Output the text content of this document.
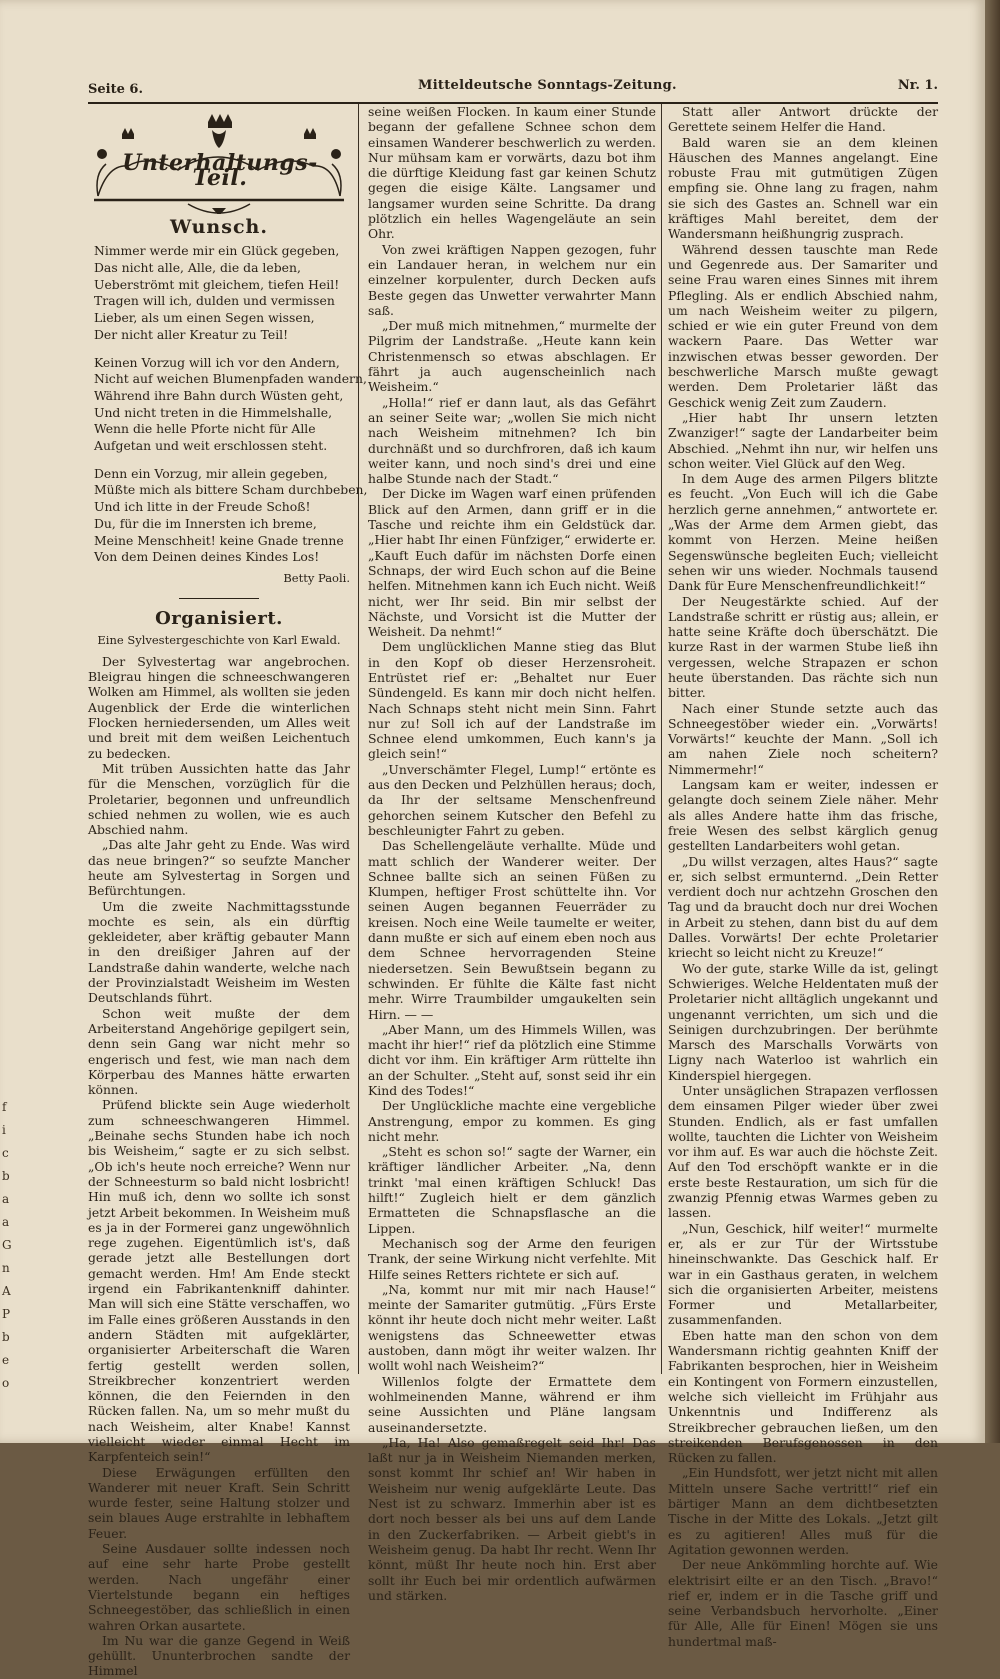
Seite 6.	Mitteldeutsche Sonntags-Zeitung.	Nr. 1.
Unterhaltungs-Teil.
Wunsch.
Nimmer werde mir ein Glück gegeben,
Das nicht alle, Alle, die da leben,
Ueberströmt mit gleichem, tiefen Heil!
Tragen will ich, dulden und vermissen
Lieber, als um einen Segen wissen,
Der nicht aller Kreatur zu Teil!
Keinen Vorzug will ich vor den Andern,
Nicht auf weichen Blumenpfaden wandern,
Während ihre Bahn durch Wüsten geht,
Und nicht treten in die Himmelshalle,
Wenn die helle Pforte nicht für Alle
Aufgetan und weit erschlossen steht.
Denn ein Vorzug, mir allein gegeben,
Müßte mich als bittere Scham durchbeben,
Und ich litte in der Freude Schoß!
Du, für die im Innersten ich breme,
Meine Menschheit! keine Gnade trenne
Von dem Deinen deines Kindes Los!
Betty Paoli.
Organisiert.
Eine Sylvestergeschichte von Karl Ewald.

Der Sylvestertag war angebrochen. Bleigrau hingen die schneeschwangeren Wolken am Himmel, als wollten sie jeden Augenblick der Erde die winterlichen Flocken herniedersenden, um Alles weit und breit mit dem weißen Leichentuch zu bedecken.

Mit trüben Aussichten hatte das Jahr für die Menschen, vorzüglich für die Proletarier, begonnen und unfreundlich schied nehmen zu wollen, wie es auch Abschied nahm.

„Das alte Jahr geht zu Ende. Was wird das neue bringen?“ so seufzte Mancher heute am Sylvestertag in Sorgen und Befürchtungen.

Um die zweite Nachmittagsstunde mochte es sein, als ein dürftig gekleideter, aber kräftig gebauter Mann in den dreißiger Jahren auf der Landstraße dahin wanderte, welche nach der Provinzialstadt Weisheim im Westen Deutschlands führt.

Schon weit mußte der dem Arbeiterstand Angehörige gepilgert sein, denn sein Gang war nicht mehr so engerisch und fest, wie man nach dem Körperbau des Mannes hätte erwarten können.

Prüfend blickte sein Auge wiederholt zum schneeschwangeren Himmel. „Beinahe sechs Stunden habe ich noch bis Weisheim,“ sagte er zu sich selbst. „Ob ich's heute noch erreiche? Wenn nur der Schneesturm so bald nicht losbricht! Hin muß ich, denn wo sollte ich sonst jetzt Arbeit bekommen. In Weisheim muß es ja in der Formerei ganz ungewöhnlich rege zugehen. Eigentümlich ist's, daß gerade jetzt alle Bestellungen dort gemacht werden. Hm! Am Ende steckt irgend ein Fabrikantenkniff dahinter. Man will sich eine Stätte verschaffen, wo im Falle eines größeren Ausstands in den andern Städten mit aufgeklärter, organisierter Arbeiterschaft die Waren fertig gestellt werden sollen, Streikbrecher konzentriert werden können, die den Feiernden in den Rücken fallen. Na, um so mehr mußt du nach Weisheim, alter Knabe! Kannst vielleicht wieder einmal Hecht im Karpfenteich sein!“

Diese Erwägungen erfüllten den Wanderer mit neuer Kraft. Sein Schritt wurde fester, seine Haltung stolzer und sein blaues Auge erstrahlte in lebhaftem Feuer.

Seine Ausdauer sollte indessen noch auf eine sehr harte Probe gestellt werden. Nach ungefähr einer Viertelstunde begann ein heftiges Schneegestöber, das schließlich in einen wahren Orkan ausartete.

Im Nu war die ganze Gegend in Weiß gehüllt. Ununterbrochen sandte der Himmel

seine weißen Flocken. In kaum einer Stunde begann der gefallene Schnee schon dem einsamen Wanderer beschwerlich zu werden. Nur mühsam kam er vorwärts, dazu bot ihm die dürftige Kleidung fast gar keinen Schutz gegen die eisige Kälte. Langsamer und langsamer wurden seine Schritte. Da drang plötzlich ein helles Wagengeläute an sein Ohr.

Von zwei kräftigen Nappen gezogen, fuhr ein Landauer heran, in welchem nur ein einzelner korpulenter, durch Decken aufs Beste gegen das Unwetter verwahrter Mann saß.

„Der muß mich mitnehmen,“ murmelte der Pilgrim der Landstraße. „Heute kann kein Christenmensch so etwas abschlagen. Er fährt ja auch augenscheinlich nach Weisheim.“

„Holla!“ rief er dann laut, als das Gefährt an seiner Seite war; „wollen Sie mich nicht nach Weisheim mitnehmen? Ich bin durchnäßt und so durchfroren, daß ich kaum weiter kann, und noch sind's drei und eine halbe Stunde nach der Stadt.“

Der Dicke im Wagen warf einen prüfenden Blick auf den Armen, dann griff er in die Tasche und reichte ihm ein Geldstück dar. „Hier habt Ihr einen Fünfziger,“ erwiderte er. „Kauft Euch dafür im nächsten Dorfe einen Schnaps, der wird Euch schon auf die Beine helfen. Mitnehmen kann ich Euch nicht. Weiß nicht, wer Ihr seid. Bin mir selbst der Nächste, und Vorsicht ist die Mutter der Weisheit. Da nehmt!“

Dem unglücklichen Manne stieg das Blut in den Kopf ob dieser Herzensroheit. Entrüstet rief er: „Behaltet nur Euer Sündengeld. Es kann mir doch nicht helfen. Nach Schnaps steht nicht mein Sinn. Fahrt nur zu! Soll ich auf der Landstraße im Schnee elend umkommen, Euch kann's ja gleich sein!“

„Unverschämter Flegel, Lump!“ ertönte es aus den Decken und Pelzhüllen heraus; doch, da Ihr der seltsame Menschenfreund gehorchen seinem Kutscher den Befehl zu beschleunigter Fahrt zu geben.

Das Schellengeläute verhallte. Müde und matt schlich der Wanderer weiter. Der Schnee ballte sich an seinen Füßen zu Klumpen, heftiger Frost schüttelte ihn. Vor seinen Augen begannen Feuerräder zu kreisen. Noch eine Weile taumelte er weiter, dann mußte er sich auf einem eben noch aus dem Schnee hervorragenden Steine niedersetzen. Sein Bewußtsein begann zu schwinden. Er fühlte die Kälte fast nicht mehr. Wirre Traumbilder umgaukelten sein Hirn. — —

„Aber Mann, um des Himmels Willen, was macht ihr hier!“ rief da plötzlich eine Stimme dicht vor ihm. Ein kräftiger Arm rüttelte ihn an der Schulter. „Steht auf, sonst seid ihr ein Kind des Todes!“

Der Unglückliche machte eine vergebliche Anstrengung, empor zu kommen. Es ging nicht mehr.

„Steht es schon so!“ sagte der Warner, ein kräftiger ländlicher Arbeiter. „Na, denn trinkt 'mal einen kräftigen Schluck! Das hilft!“ Zugleich hielt er dem gänzlich Ermatteten die Schnapsflasche an die Lippen.

Mechanisch sog der Arme den feurigen Trank, der seine Wirkung nicht verfehlte. Mit Hilfe seines Retters richtete er sich auf.

„Na, kommt nur mit mir nach Hause!“ meinte der Samariter gutmütig. „Fürs Erste könnt ihr heute doch nicht mehr weiter. Laßt wenigstens das Schneewetter etwas austoben, dann mögt ihr weiter walzen. Ihr wollt wohl nach Weisheim?“

Willenlos folgte der Ermattete dem wohlmeinenden Manne, während er ihm seine Aussichten und Pläne langsam auseinandersetzte.

„Ha, Ha! Also gemaßregelt seid Ihr! Das laßt nur ja in Weisheim Niemanden merken, sonst kommt Ihr schief an! Wir haben in Weisheim nur wenig aufgeklärte Leute. Das Nest ist zu schwarz. Immerhin aber ist es dort noch besser als bei uns auf dem Lande in den Zuckerfabriken. — Arbeit giebt's in Weisheim genug. Da habt Ihr recht. Wenn Ihr könnt, müßt Ihr heute noch hin. Erst aber sollt ihr Euch bei mir ordentlich aufwärmen und stärken.

Statt aller Antwort drückte der Gerettete seinem Helfer die Hand.

Bald waren sie an dem kleinen Häuschen des Mannes angelangt. Eine robuste Frau mit gutmütigen Zügen empfing sie. Ohne lang zu fragen, nahm sie sich des Gastes an. Schnell war ein kräftiges Mahl bereitet, dem der Wandersmann heißhungrig zusprach.

Während dessen tauschte man Rede und Gegenrede aus. Der Samariter und seine Frau waren eines Sinnes mit ihrem Pflegling. Als er endlich Abschied nahm, um nach Weisheim weiter zu pilgern, schied er wie ein guter Freund von dem wackern Paare. Das Wetter war inzwischen etwas besser geworden. Der beschwerliche Marsch mußte gewagt werden. Dem Proletarier läßt das Geschick wenig Zeit zum Zaudern.

„Hier habt Ihr unsern letzten Zwanziger!“ sagte der Landarbeiter beim Abschied. „Nehmt ihn nur, wir helfen uns schon weiter. Viel Glück auf den Weg.

In dem Auge des armen Pilgers blitzte es feucht. „Von Euch will ich die Gabe herzlich gerne annehmen,“ antwortete er. „Was der Arme dem Armen giebt, das kommt von Herzen. Meine heißen Segenswünsche begleiten Euch; vielleicht sehen wir uns wieder. Nochmals tausend Dank für Eure Menschenfreundlichkeit!“

Der Neugestärkte schied. Auf der Landstraße schritt er rüstig aus; allein, er hatte seine Kräfte doch überschätzt. Die kurze Rast in der warmen Stube ließ ihn vergessen, welche Strapazen er schon heute überstanden. Das rächte sich nun bitter.

Nach einer Stunde setzte auch das Schneegestöber wieder ein. „Vorwärts! Vorwärts!“ keuchte der Mann. „Soll ich am nahen Ziele noch scheitern? Nimmermehr!“

Langsam kam er weiter, indessen er gelangte doch seinem Ziele näher. Mehr als alles Andere hatte ihm das frische, freie Wesen des selbst kärglich genug gestellten Landarbeiters wohl getan.

„Du willst verzagen, altes Haus?“ sagte er, sich selbst ermunternd. „Dein Retter verdient doch nur achtzehn Groschen den Tag und da braucht doch nur drei Wochen in Arbeit zu stehen, dann bist du auf dem Dalles. Vorwärts! Der echte Proletarier kriecht so leicht nicht zu Kreuze!“

Wo der gute, starke Wille da ist, gelingt Schwieriges. Welche Heldentaten muß der Proletarier nicht alltäglich ungekannt und ungenannt verrichten, um sich und die Seinigen durchzubringen. Der berühmte Marsch des Marschalls Vorwärts von Ligny nach Waterloo ist wahrlich ein Kinderspiel hiergegen.

Unter unsäglichen Strapazen verflossen dem einsamen Pilger wieder über zwei Stunden. Endlich, als er fast umfallen wollte, tauchten die Lichter von Weisheim vor ihm auf. Es war auch die höchste Zeit. Auf den Tod erschöpft wankte er in die erste beste Restauration, um sich für die zwanzig Pfennig etwas Warmes geben zu lassen.

„Nun, Geschick, hilf weiter!“ murmelte er, als er zur Tür der Wirtsstube hineinschwankte. Das Geschick half. Er war in ein Gasthaus geraten, in welchem sich die organisierten Arbeiter, meistens Former und Metallarbeiter, zusammenfanden.

Eben hatte man den schon von dem Wandersmann richtig geahnten Kniff der Fabrikanten besprochen, hier in Weisheim ein Kontingent von Formern einzustellen, welche sich vielleicht im Frühjahr aus Unkenntnis und Indifferenz als Streikbrecher gebrauchen ließen, um den streikenden Berufsgenossen in den Rücken zu fallen.

„Ein Hundsfott, wer jetzt nicht mit allen Mitteln unsere Sache vertritt!“ rief ein bärtiger Mann an dem dichtbesetzten Tische in der Mitte des Lokals. „Jetzt gilt es zu agitieren! Alles muß für die Agitation gewonnen werden.

Der neue Ankömmling horchte auf. Wie elektrisirt eilte er an den Tisch. „Bravo!“ rief er, indem er in die Tasche griff und seine Verbandsbuch hervorholte. „Einer für Alle, Alle für Einen! Mögen sie uns hundertmal maß-

f
i
c
b
a
a
G
n
A
P
b
e
o
